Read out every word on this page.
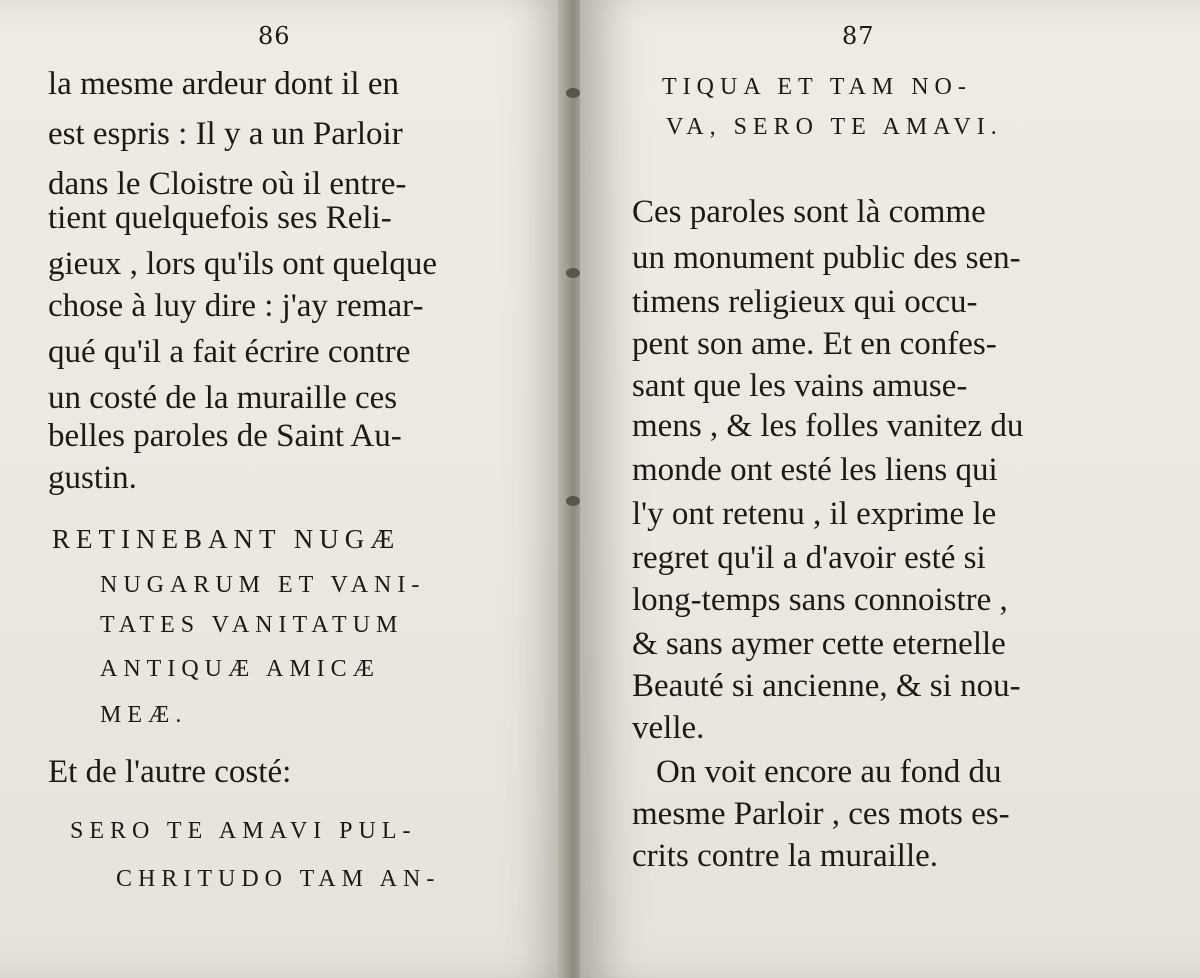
86
la mesme ardeur dont il en
est espris : Il y a un Parloir
dans le Cloistre où il entre-
tient quelquefois ses Reli-
gieux , lors qu'ils ont quelque
chose à luy dire : j'ay remar-
qué qu'il a fait écrire contre
un costé de la muraille ces
belles paroles de Saint Au-
gustin.
RETINEBANT NUGÆ
NUGARUM ET VANI-
TATES VANITATUM
ANTIQUÆ AMICÆ
MEÆ.
Et de l'autre costé:
SERO TE AMAVI PUL-
CHRITUDO TAM AN-
87
TIQUA ET TAM NO-
VA, SERO TE AMAVI.
Ces paroles sont là comme
un monument public des sen-
timens religieux qui occu-
pent son ame. Et en confes-
sant que les vains amuse-
mens , & les folles vanitez du
monde ont esté les liens qui
l'y ont retenu , il exprime le
regret qu'il a d'avoir esté si
long-temps sans connoistre ,
& sans aymer cette eternelle
Beauté si ancienne, & si nou-
velle.
On voit encore au fond du
mesme Parloir , ces mots es-
crits contre la muraille.
